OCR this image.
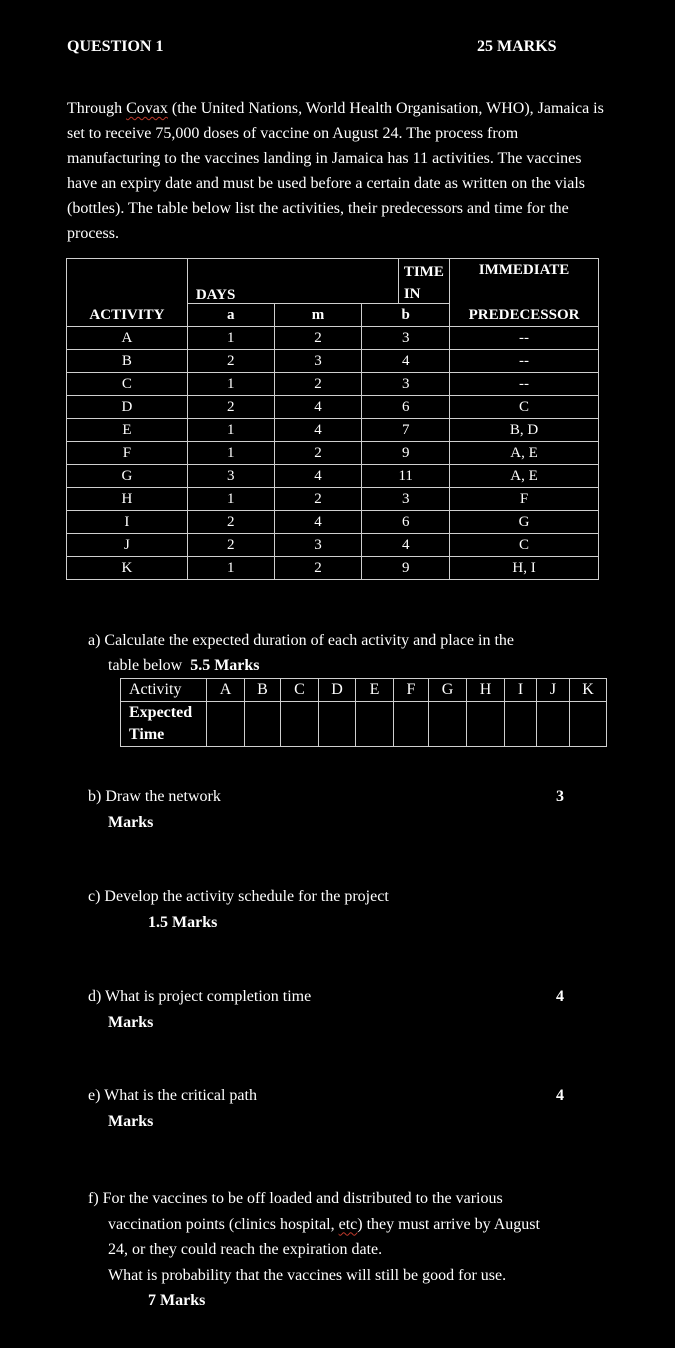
QUESTION 1	25 MARKS
Through Covax (the United Nations, World Health Organisation, WHO), Jamaica is set to receive 75,000 doses of vaccine on August 24. The process from manufacturing to the vaccines landing in Jamaica has 11 activities. The vaccines have an expiry date and must be used before a certain date as written on the vials (bottles). The table below list the activities, their predecessors and time for the process.

	TIME IN
DAYS			IMMEDIATE
ACTIVITY	a	m	b	PREDECESSOR
A	1	2	3	--
B	2	3	4	--
C	1	2	3	--
D	2	4	6	C
E	1	4	7	B, D
F	1	2	9	A, E
G	3	4	11	A, E
H	1	2	3	F
I	2	4	6	G
J	2	3	4	C
K	1	2	9	H, I
a) Calculate the expected duration of each activity and place in the
table below 5.5 Marks
Activity	A	B	C	D	E	F	G	H	I	J	K

Expected
Time											

b) Draw the network	3
Marks
c) Develop the activity schedule for the project
1.5 Marks
d) What is project completion time	4
Marks
e) What is the critical path	4
Marks
f) For the vaccines to be off loaded and distributed to the various
vaccination points (clinics hospital, etc) they must arrive by August
24, or they could reach the expiration date.
What is probability that the vaccines will still be good for use.
7 Marks
